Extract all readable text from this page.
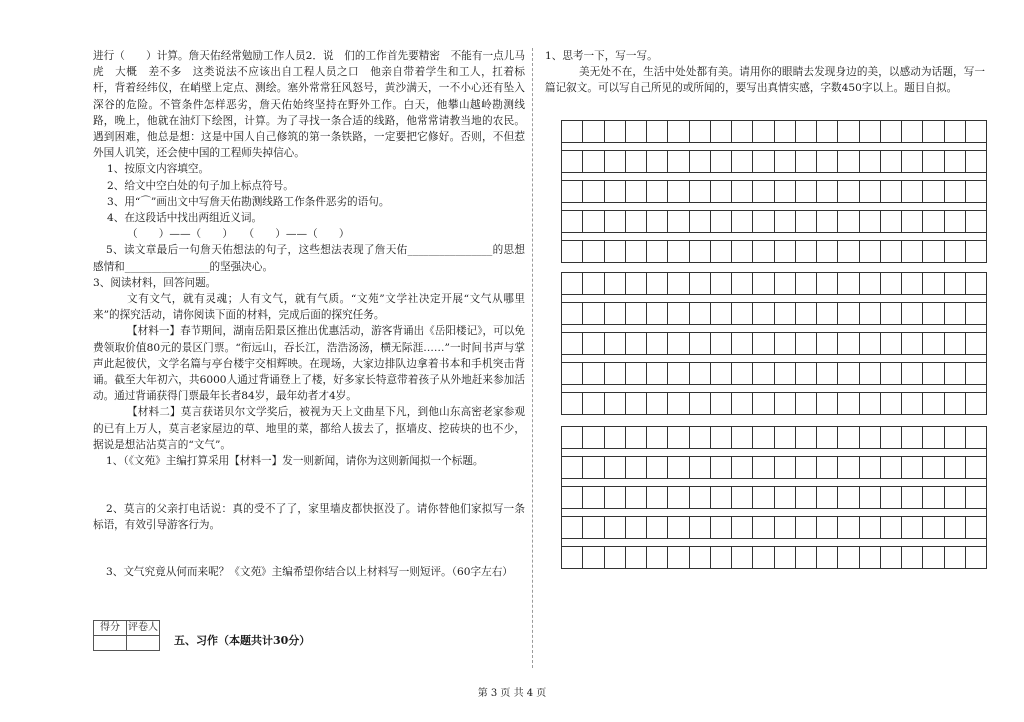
进行（　　）计算。詹天佑经常勉励工作人员2．说　们的工作首先要精密　不能有一点儿马虎　大概　差不多　这类说法不应该出自工程人员之口　他亲自带着学生和工人，扛着标杆，背着经纬仪，在峭壁上定点、测绘。塞外常常狂风怒号，黄沙满天，一不小心还有坠入深谷的危险。不管条件怎样恶劣，詹天佑始终坚持在野外工作。白天，他攀山越岭勘测线路，晚上，他就在油灯下绘图，计算。为了寻找一条合适的线路，他常常请教当地的农民。遇到困难，他总是想：这是中国人自己修筑的第一条铁路，一定要把它修好。否则，不但惹外国人讥笑，还会使中国的工程师失掉信心。

1、按原文内容填空。

2、给文中空白处的句子加上标点符号。

3、用“⌒”画出文中写詹天佑勘测线路工作条件恶劣的语句。

4、在这段话中找出两组近义词。

（　　）——（　　）　　（　　）——（　　）

5、读文章最后一句詹天佑想法的句子，这些想法表现了詹天佑________________的思想感情和________________的坚强决心。

3、阅读材料，回答问题。

文有文气，就有灵魂；人有文气，就有气质。“文苑”文学社决定开展“文气从哪里来”的探究活动，请你阅读下面的材料，完成后面的探究任务。

【材料一】春节期间，湖南岳阳景区推出优惠活动，游客背诵出《岳阳楼记》，可以免费领取价值80元的景区门票。“衔远山，吞长江，浩浩汤汤，横无际涯……”一时间书声与掌声此起彼伏，文学名篇与亭台楼宇交相辉映。在现场，大家边排队边拿着书本和手机突击背诵。截至大年初六，共6000人通过背诵登上了楼，好多家长特意带着孩子从外地赶来参加活动。通过背诵获得门票最年长者84岁，最年幼者才4岁。

【材料二】莫言获诺贝尔文学奖后，被视为天上文曲星下凡，到他山东高密老家参观的已有上万人，莫言老家屋边的草、地里的菜，都给人拔去了，抠墙皮、挖砖块的也不少，据说是想沾沾莫言的“文气”。

1、（《文苑》主编打算采用【材料一】发一则新闻，请你为这则新闻拟一个标题。

2、莫言的父亲打电话说：真的受不了了，家里墙皮都快抠没了。请你替他们家拟写一条标语，有效引导游客行为。

3、文气究竟从何而来呢？《文苑》主编希望你结合以上材料写一则短评。（60字左右）

1、思考一下，写一写。

美无处不在，生活中处处都有美。请用你的眼睛去发现身边的美，以感动为话题，写一篇记叙文。可以写自己所见的或所闻的，要写出真情实感，字数450字以上。题目自拟。

得分	评卷人

五、习作（本题共计30分）
第 3 页 共 4 页
